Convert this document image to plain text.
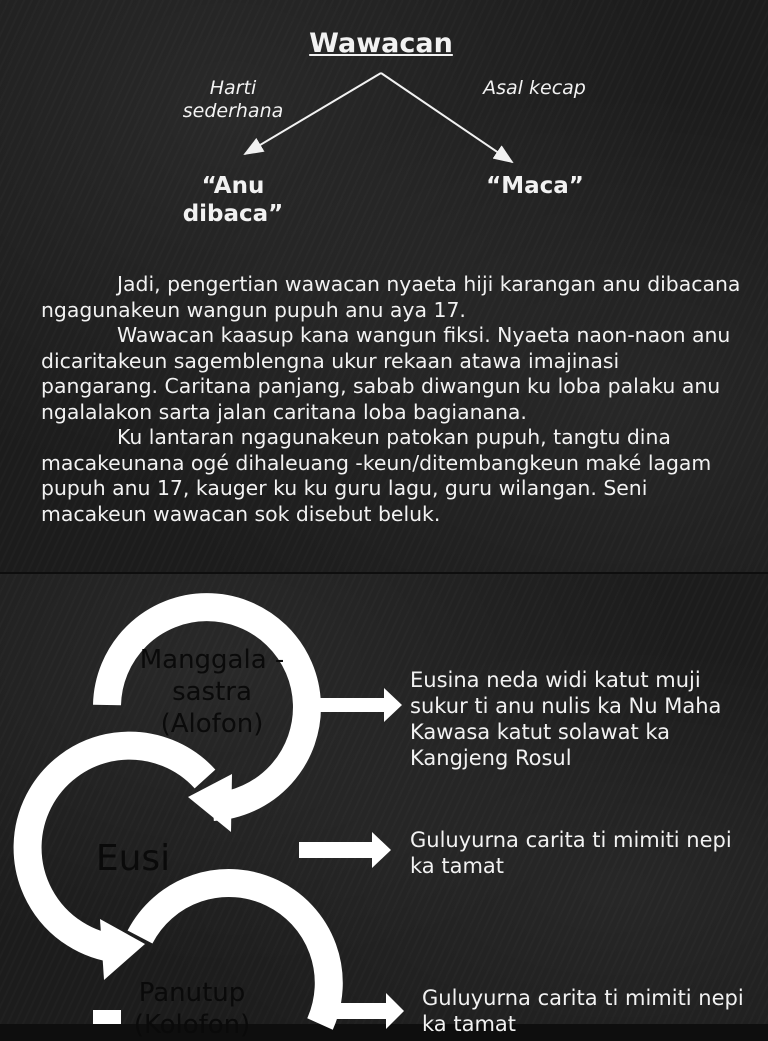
Wawacan
Harti sederhana
Asal kecap
“Anu dibaca”
“Maca”

Jadi, pengertian wawacan nyaeta hiji karangan anu dibacana ngagunakeun wangun pupuh anu aya 17.

Wawacan kaasup kana wangun fiksi. Nyaeta naon-naon anu dicaritakeun sagemblengna ukur rekaan atawa imajinasi pangarang. Caritana panjang, sabab diwangun ku loba palaku anu ngalalakon sarta jalan caritana loba bagianana.

Ku lantaran ngagunakeun patokan pupuh, tangtu dina macakeunana ogé dihaleuang -keun/ditembangkeun maké lagam pupuh anu 17, kauger ku ku guru lagu, guru wilangan. Seni macakeun wawacan sok disebut beluk.

Manggala -sastra (Alofon)
Eusi
Panutup (Kolofon)
Eusina neda widi katut muji sukur ti anu nulis ka Nu Maha Kawasa katut solawat ka Kangjeng Rosul
Guluyurna carita ti mimiti nepi ka tamat
Guluyurna carita ti mimiti nepi ka tamat
